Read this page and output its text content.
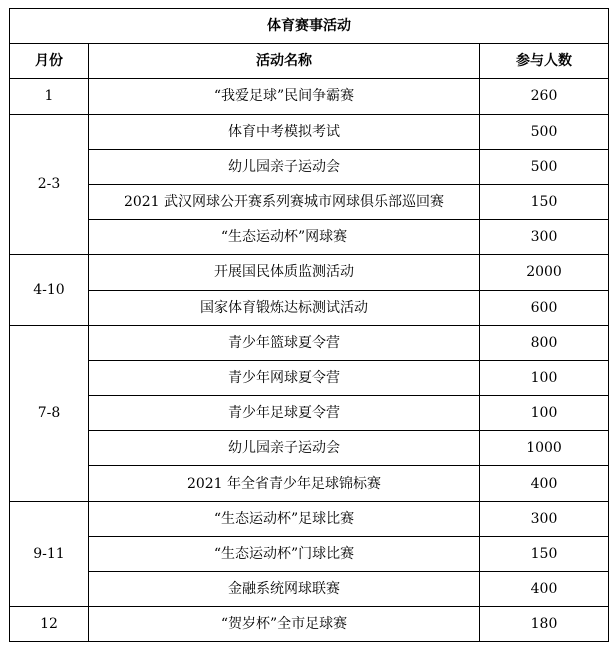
体育赛事活动		
月份	活动名称	参与人数
1	“我爱足球”民间争霸赛	260
2-3	体育中考模拟考试	500
	幼儿园亲子运动会	500
	2021 武汉网球公开赛系列赛城市网球俱乐部巡回赛	150
	“生态运动杯”网球赛	300
4-10	开展国民体质监测活动	2000
	国家体育锻炼达标测试活动	600
7-8	青少年篮球夏令营	800
	青少年网球夏令营	100
	青少年足球夏令营	100
	幼儿园亲子运动会	1000
	2021 年全省青少年足球锦标赛	400
9-11	“生态运动杯”足球比赛	300
	“生态运动杯”门球比赛	150
	金融系统网球联赛	400
12	“贺岁杯”全市足球赛	180
